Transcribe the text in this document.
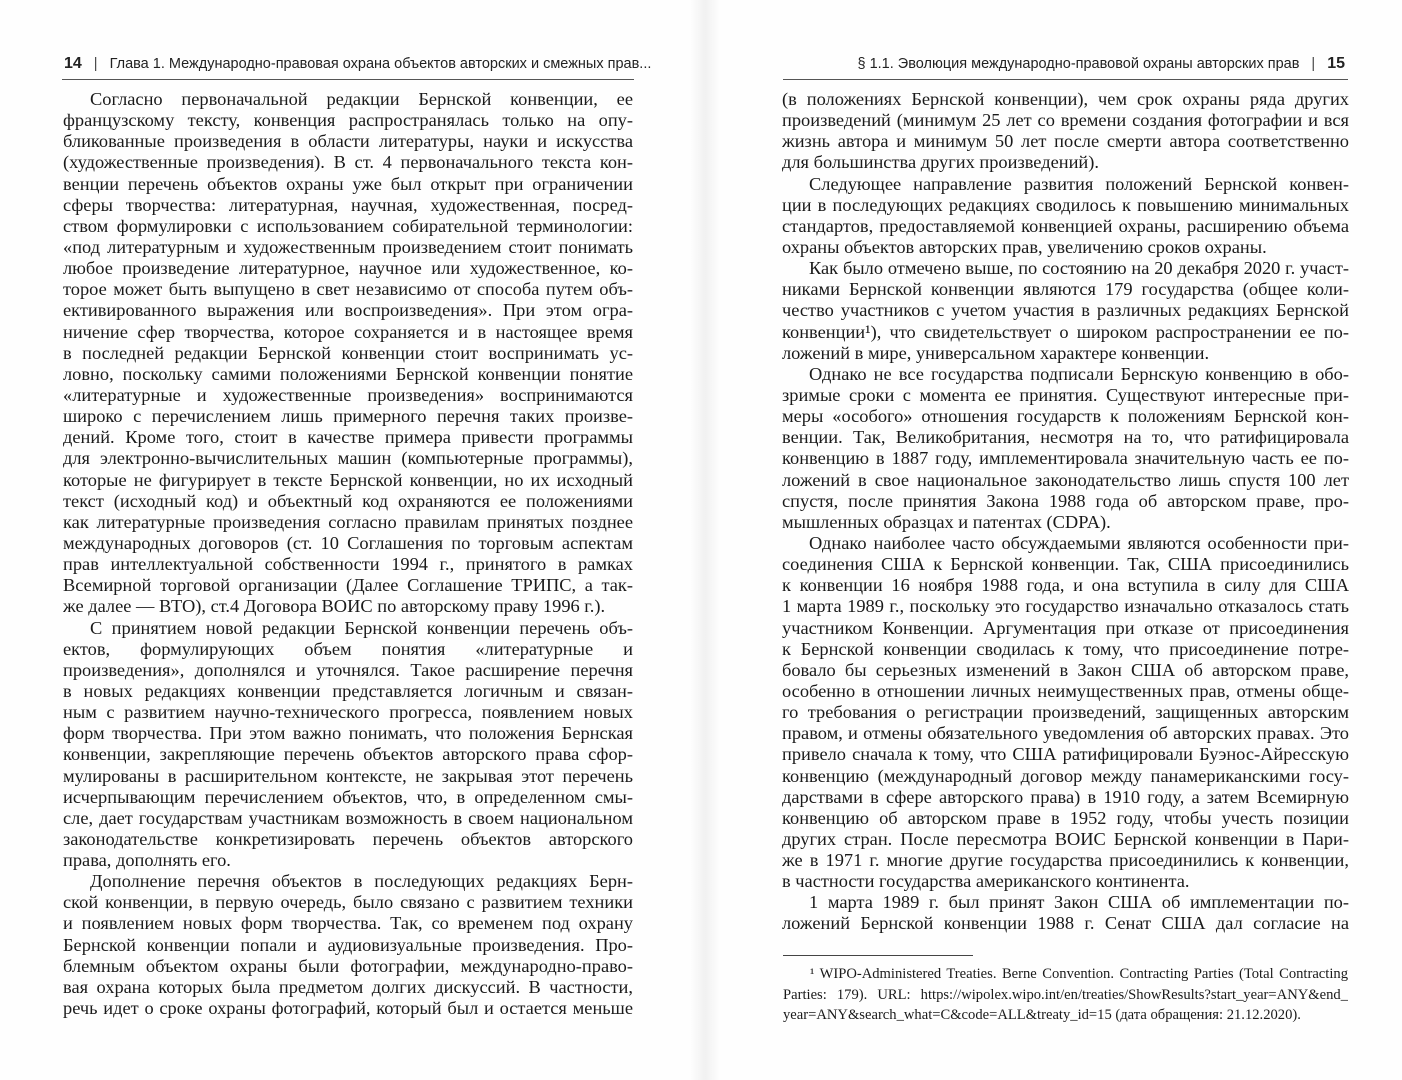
14 | Глава 1. Международно-правовая охрана объектов авторских и смежных прав...	§ 1.1. Эволюция международно-правовой охраны авторских прав | 15
Согласно первоначальной редакции Бернской конвенции, ее
французскому тексту, конвенция распространялась только на опу-
бликованные произведения в области литературы, науки и искусства
(художественные произведения). В ст. 4 первоначального текста кон-
венции перечень объектов охраны уже был открыт при ограничении
сферы творчества: литературная, научная, художественная, посред-
ством формулировки с использованием собирательной терминологии:
«под литературным и художественным произведением стоит понимать
любое произведение литературное, научное или художественное, ко-
торое может быть выпущено в свет независимо от способа путем объ-
ективированного выражения или воспроизведения». При этом огра-
ничение сфер творчества, которое сохраняется и в настоящее время
в последней редакции Бернской конвенции стоит воспринимать ус-
ловно, поскольку самими положениями Бернской конвенции понятие
«литературные и художественные произведения» воспринимаются
широко с перечислением лишь примерного перечня таких произве-
дений. Кроме того, стоит в качестве примера привести программы
для электронно-вычислительных машин (компьютерные программы),
которые не фигурирует в тексте Бернской конвенции, но их исходный
текст (исходный код) и объектный код охраняются ее положениями
как литературные произведения согласно правилам принятых позднее
международных договоров (ст. 10 Соглашения по торговым аспектам
прав интеллектуальной собственности 1994 г., принятого в рамках
Всемирной торговой организации (Далее Соглашение ТРИПС, а так-
же далее — ВТО), ст.4 Договора ВОИС по авторскому праву 1996 г.).
С принятием новой редакции Бернской конвенции перечень объ-
ектов, формулирующих объем понятия «литературные и
произведения», дополнялся и уточнялся. Такое расширение перечня
в новых редакциях конвенции представляется логичным и связан-
ным с развитием научно-технического прогресса, появлением новых
форм творчества. При этом важно понимать, что положения Бернская
конвенции, закрепляющие перечень объектов авторского права сфор-
мулированы в расширительном контексте, не закрывая этот перечень
исчерпывающим перечислением объектов, что, в определенном смы-
сле, дает государствам участникам возможность в своем национальном
законодательстве конкретизировать перечень объектов авторского
права, дополнять его.
Дополнение перечня объектов в последующих редакциях Берн-
ской конвенции, в первую очередь, было связано с развитием техники
и появлением новых форм творчества. Так, со временем под охрану
Бернской конвенции попали и аудиовизуальные произведения. Про-
блемным объектом охраны были фотографии, международно-право-
вая охрана которых была предметом долгих дискуссий. В частности,
речь идет о сроке охраны фотографий, который был и остается меньше
(в положениях Бернской конвенции), чем срок охраны ряда других
произведений (минимум 25 лет со времени создания фотографии и вся
жизнь автора и минимум 50 лет после смерти автора соответственно
для большинства других произведений).
Следующее направление развития положений Бернской конвен-
ции в последующих редакциях сводилось к повышению минимальных
стандартов, предоставляемой конвенцией охраны, расширению объема
охраны объектов авторских прав, увеличению сроков охраны.
Как было отмечено выше, по состоянию на 20 декабря 2020 г. участ-
никами Бернской конвенции являются 179 государства (общее коли-
чество участников с учетом участия в различных редакциях Бернской
конвенции¹), что свидетельствует о широком распространении ее по-
ложений в мире, универсальном характере конвенции.
Однако не все государства подписали Бернскую конвенцию в обо-
зримые сроки с момента ее принятия. Существуют интересные при-
меры «особого» отношения государств к положениям Бернской кон-
венции. Так, Великобритания, несмотря на то, что ратифицировала
конвенцию в 1887 году, имплементировала значительную часть ее по-
ложений в свое национальное законодательство лишь спустя 100 лет
спустя, после принятия Закона 1988 года об авторском праве, про-
мышленных образцах и патентах (CDPA).
Однако наиболее часто обсуждаемыми являются особенности при-
соединения США к Бернской конвенции. Так, США присоединились
к конвенции 16 ноября 1988 года, и она вступила в силу для США
1 марта 1989 г., поскольку это государство изначально отказалось стать
участником Конвенции. Аргументация при отказе от присоединения
к Бернской конвенции сводилась к тому, что присоединение потре-
бовало бы серьезных изменений в Закон США об авторском праве,
особенно в отношении личных неимущественных прав, отмены обще-
го требования о регистрации произведений, защищенных авторским
правом, и отмены обязательного уведомления об авторских правах. Это
привело сначала к тому, что США ратифицировали Буэнос-Айресскую
конвенцию (международный договор между панамериканскими госу-
дарствами в сфере авторского права) в 1910 году, а затем Всемирную
конвенцию об авторском праве в 1952 году, чтобы учесть позиции
других стран. После пересмотра ВОИС Бернской конвенции в Пари-
же в 1971 г. многие другие государства присоединились к конвенции,
в частности государства американского континента.
1 марта 1989 г. был принят Закон США об имплементации по-
ложений Бернской конвенции 1988 г. Сенат США дал согласие на
¹ WIPO-Administered Treaties. Berne Convention. Contracting Parties (Total Contracting
Parties: 179). URL: https://wipolex.wipo.int/en/treaties/ShowResults?start_year=ANY&end_
year=ANY&search_what=C&code=ALL&treaty_id=15 (дата обращения: 21.12.2020).
